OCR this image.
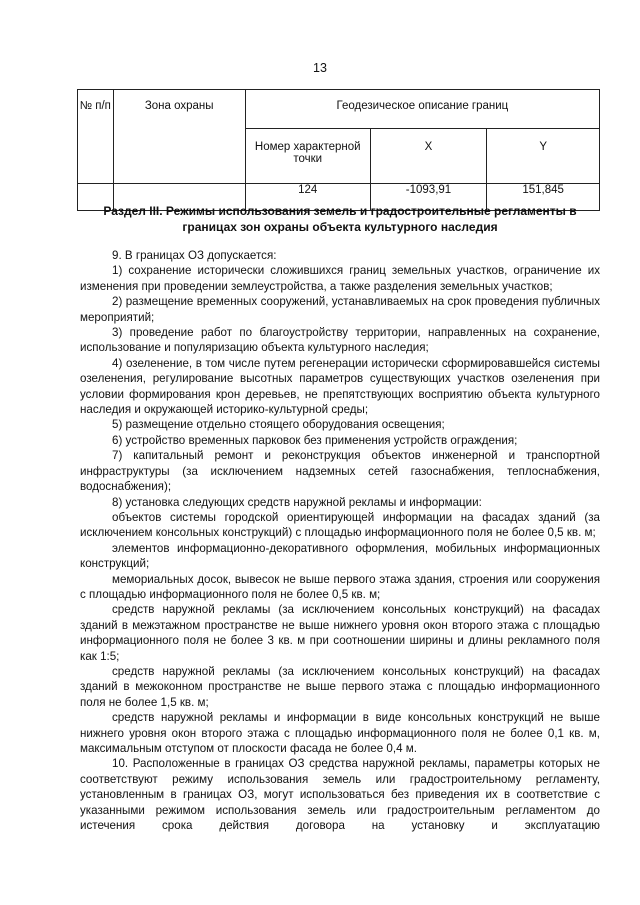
13
№ п/п	Зона охраны	Геодезическое описание границ		
		Номер характерной точки	X	Y
		124	-1093,91	151,845
Раздел III. Режимы использования земель и градостроительные регламенты в границах зон охраны объекта культурного наследия

9. В границах ОЗ допускается:

1) сохранение исторически сложившихся границ земельных участков, ограничение их изменения при проведении землеустройства, а также разделения земельных участков;

2) размещение временных сооружений, устанавливаемых на срок проведения публичных мероприятий;

3) проведение работ по благоустройству территории, направленных на сохранение, использование и популяризацию объекта культурного наследия;

4) озеленение, в том числе путем регенерации исторически сформировавшейся системы озеленения, регулирование высотных параметров существующих участков озеленения при условии формирования крон деревьев, не препятствующих восприятию объекта культурного наследия и окружающей историко-культурной среды;

5) размещение отдельно стоящего оборудования освещения;

6) устройство временных парковок без применения устройств ограждения;

7) капитальный ремонт и реконструкция объектов инженерной и транспортной инфраструктуры (за исключением надземных сетей газоснабжения, теплоснабжения, водоснабжения);

8) установка следующих средств наружной рекламы и информации:

объектов системы городской ориентирующей информации на фасадах зданий (за исключением консольных конструкций) с площадью информационного поля не более 0,5 кв. м;

элементов информационно-декоративного оформления, мобильных информационных конструкций;

мемориальных досок, вывесок не выше первого этажа здания, строения или сооружения с площадью информационного поля не более 0,5 кв. м;

средств наружной рекламы (за исключением консольных конструкций) на фасадах зданий в межэтажном пространстве не выше нижнего уровня окон второго этажа с площадью информационного поля не более 3 кв. м при соотношении ширины и длины рекламного поля как 1:5;

средств наружной рекламы (за исключением консольных конструкций) на фасадах зданий в межоконном пространстве не выше первого этажа с площадью информационного поля не более 1,5 кв. м;

средств наружной рекламы и информации в виде консольных конструкций не выше нижнего уровня окон второго этажа с площадью информационного поля не более 0,1 кв. м, максимальным отступом от плоскости фасада не более 0,4 м.

10. Расположенные в границах ОЗ средства наружной рекламы, параметры которых не соответствуют режиму использования земель или градостроительному регламенту, установленным в границах ОЗ, могут использоваться без приведения их в соответствие с указанными режимом использования земель или градостроительным регламентом до истечения срока действия договора на установку и эксплуатацию
